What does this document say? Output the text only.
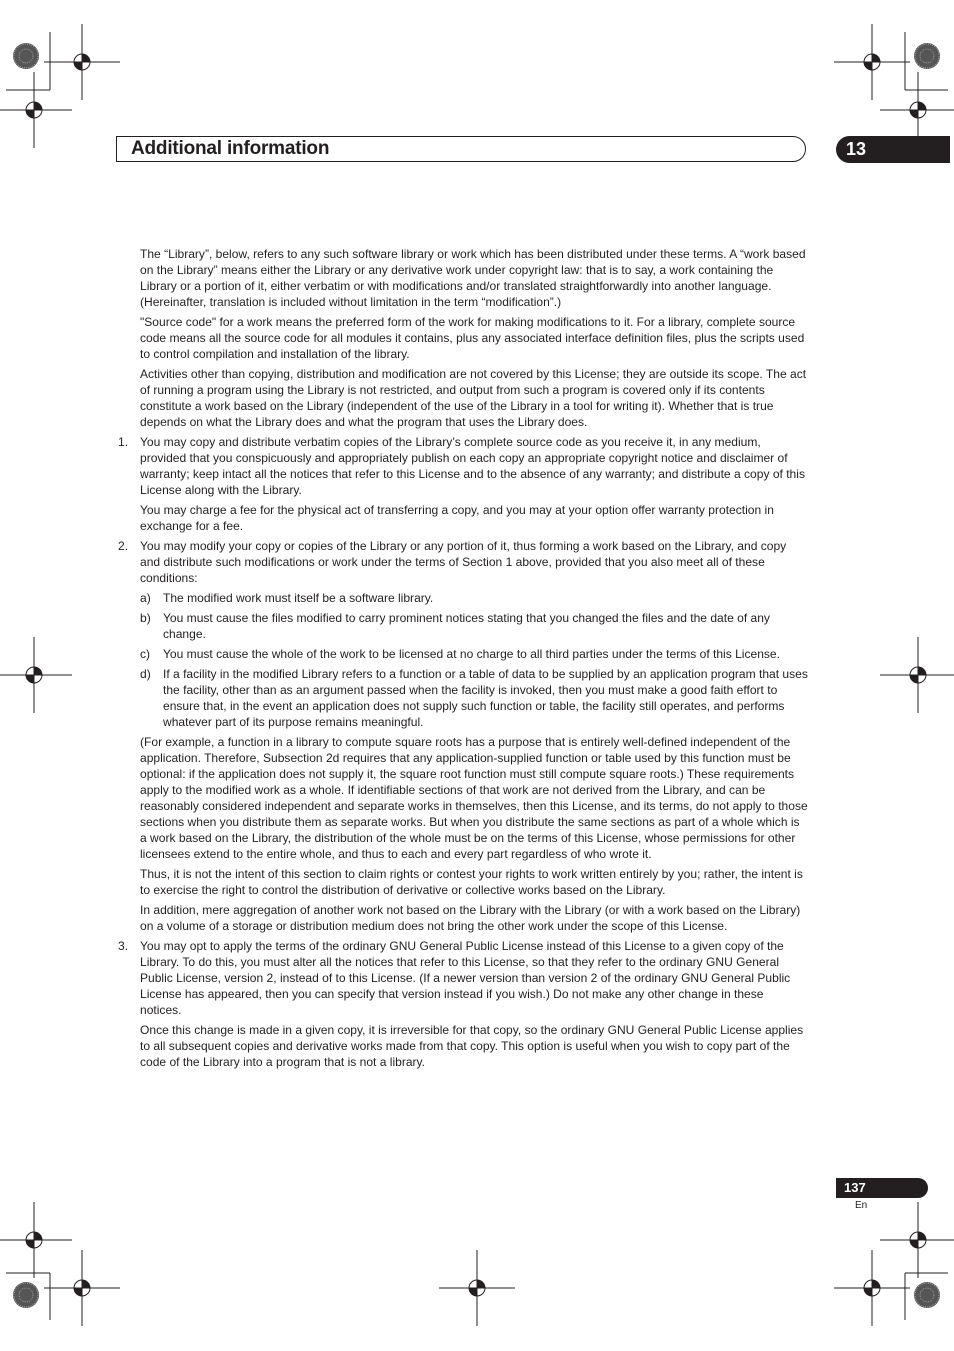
Additional information	13
The “Library”, below, refers to any such software library or work which has been distributed under these terms. A “work based on the Library” means either the Library or any derivative work under copyright law: that is to say, a work containing the Library or a portion of it, either verbatim or with modifications and/or translated straightforwardly into another language. (Hereinafter, translation is included without limitation in the term “modification”.)
"Source code" for a work means the preferred form of the work for making modifications to it. For a library, complete source code means all the source code for all modules it contains, plus any associated interface definition files, plus the scripts used to control compilation and installation of the library.
Activities other than copying, distribution and modification are not covered by this License; they are outside its scope. The act of running a program using the Library is not restricted, and output from such a program is covered only if its contents constitute a work based on the Library (independent of the use of the Library in a tool for writing it). Whether that is true depends on what the Library does and what the program that uses the Library does.
1. You may copy and distribute verbatim copies of the Library’s complete source code as you receive it, in any medium, provided that you conspicuously and appropriately publish on each copy an appropriate copyright notice and disclaimer of warranty; keep intact all the notices that refer to this License and to the absence of any warranty; and distribute a copy of this License along with the Library.
You may charge a fee for the physical act of transferring a copy, and you may at your option offer warranty protection in exchange for a fee.
2. You may modify your copy or copies of the Library or any portion of it, thus forming a work based on the Library, and copy and distribute such modifications or work under the terms of Section 1 above, provided that you also meet all of these conditions:
a) The modified work must itself be a software library.
b) You must cause the files modified to carry prominent notices stating that you changed the files and the date of any change.
c) You must cause the whole of the work to be licensed at no charge to all third parties under the terms of this License.
d) If a facility in the modified Library refers to a function or a table of data to be supplied by an application program that uses the facility, other than as an argument passed when the facility is invoked, then you must make a good faith effort to ensure that, in the event an application does not supply such function or table, the facility still operates, and performs whatever part of its purpose remains meaningful.
(For example, a function in a library to compute square roots has a purpose that is entirely well-defined independent of the application. Therefore, Subsection 2d requires that any application-supplied function or table used by this function must be optional: if the application does not supply it, the square root function must still compute square roots.) These requirements apply to the modified work as a whole. If identifiable sections of that work are not derived from the Library, and can be reasonably considered independent and separate works in themselves, then this License, and its terms, do not apply to those sections when you distribute them as separate works. But when you distribute the same sections as part of a whole which is a work based on the Library, the distribution of the whole must be on the terms of this License, whose permissions for other licensees extend to the entire whole, and thus to each and every part regardless of who wrote it.
Thus, it is not the intent of this section to claim rights or contest your rights to work written entirely by you; rather, the intent is to exercise the right to control the distribution of derivative or collective works based on the Library.
In addition, mere aggregation of another work not based on the Library with the Library (or with a work based on the Library) on a volume of a storage or distribution medium does not bring the other work under the scope of this License.
3. You may opt to apply the terms of the ordinary GNU General Public License instead of this License to a given copy of the Library. To do this, you must alter all the notices that refer to this License, so that they refer to the ordinary GNU General Public License, version 2, instead of to this License. (If a newer version than version 2 of the ordinary GNU General Public License has appeared, then you can specify that version instead if you wish.) Do not make any other change in these notices.
Once this change is made in a given copy, it is irreversible for that copy, so the ordinary GNU General Public License applies to all subsequent copies and derivative works made from that copy. This option is useful when you wish to copy part of the code of the Library into a program that is not a library.
137
En
